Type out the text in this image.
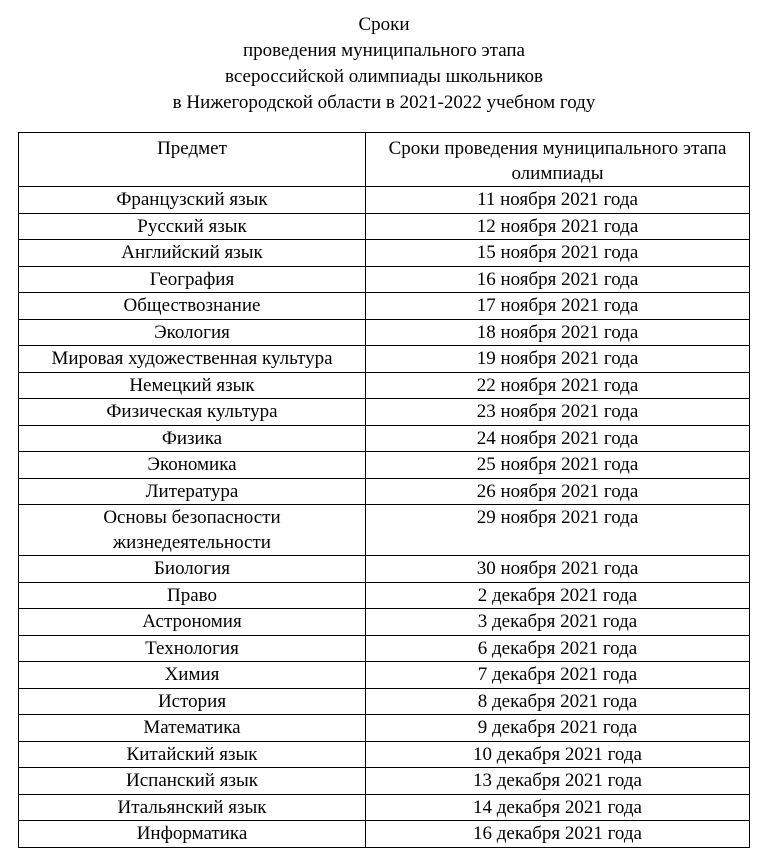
Сроки
проведения муниципального этапа
всероссийской олимпиады школьников
в Нижегородской области в 2021-2022 учебном году
Предмет	Сроки проведения муниципального этапа олимпиады
Французский язык	11 ноября 2021 года
Русский язык	12 ноября 2021 года
Английский язык	15 ноября 2021 года
География	16 ноября 2021 года
Обществознание	17 ноября 2021 года
Экология	18 ноября 2021 года
Мировая художественная культура	19 ноября 2021 года
Немецкий язык	22 ноября 2021 года
Физическая культура	23 ноября 2021 года
Физика	24 ноября 2021 года
Экономика	25 ноября 2021 года
Литература	26 ноября 2021 года
Основы безопасности жизнедеятельности	29 ноября 2021 года
Биология	30 ноября 2021 года
Право	2 декабря 2021 года
Астрономия	3 декабря 2021 года
Технология	6 декабря 2021 года
Химия	7 декабря 2021 года
История	8 декабря 2021 года
Математика	9 декабря 2021 года
Китайский язык	10 декабря 2021 года
Испанский язык	13 декабря 2021 года
Итальянский язык	14 декабря 2021 года
Информатика	16 декабря 2021 года
